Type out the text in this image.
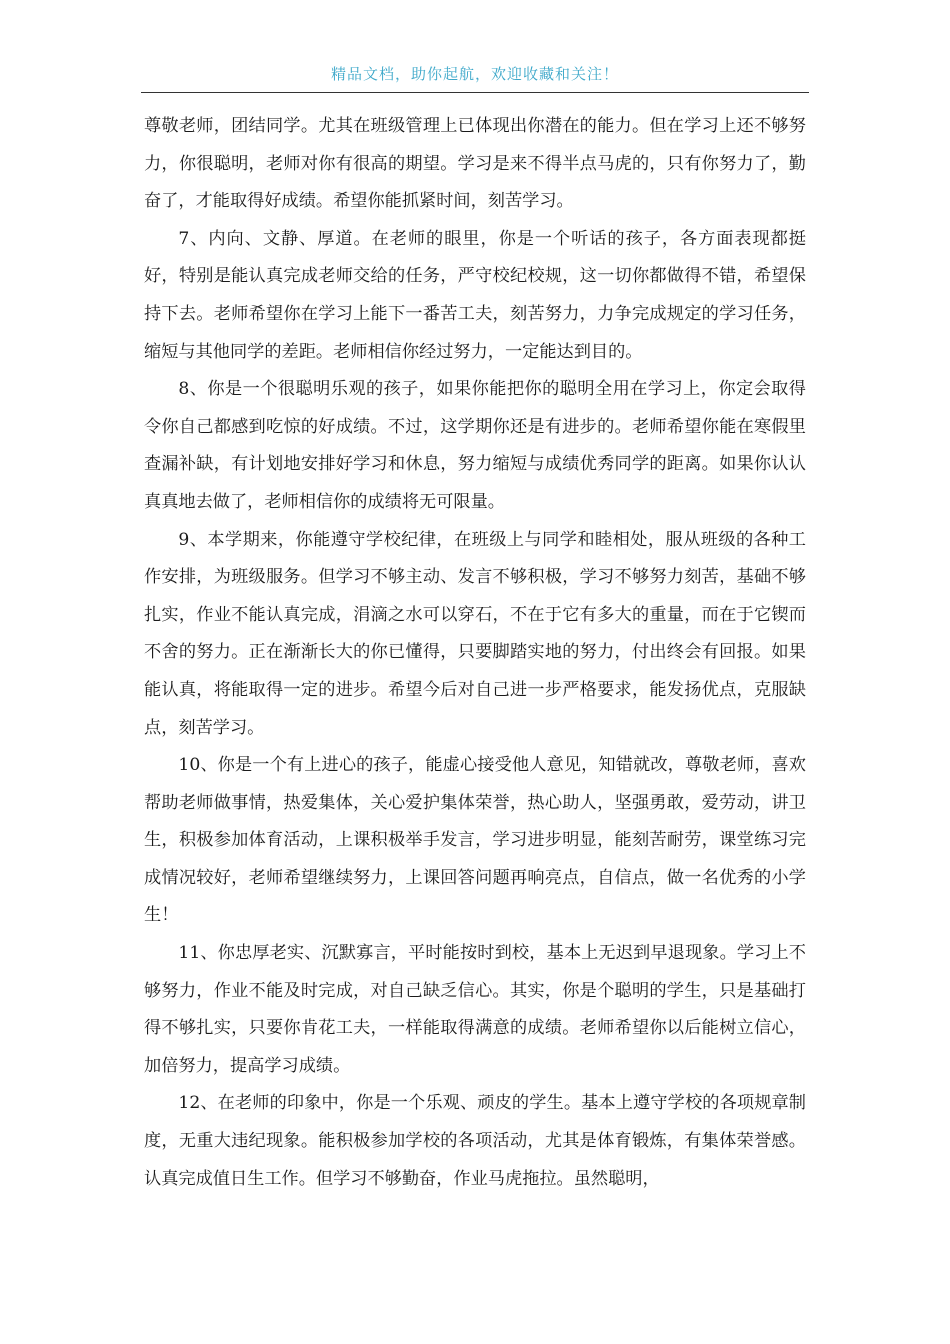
精品文档，助你起航，欢迎收藏和关注！

尊敬老师，团结同学。尤其在班级管理上已体现出你潜在的能力。但在学习上还不够努力，你很聪明，老师对你有很高的期望。学习是来不得半点马虎的，只有你努力了，勤奋了，才能取得好成绩。希望你能抓紧时间，刻苦学习。

7、内向、文静、厚道。在老师的眼里，你是一个听话的孩子，各方面表现都挺好，特别是能认真完成老师交给的任务，严守校纪校规，这一切你都做得不错，希望保持下去。老师希望你在学习上能下一番苦工夫，刻苦努力，力争完成规定的学习任务，缩短与其他同学的差距。老师相信你经过努力，一定能达到目的。

8、你是一个很聪明乐观的孩子，如果你能把你的聪明全用在学习上，你定会取得令你自己都感到吃惊的好成绩。不过，这学期你还是有进步的。老师希望你能在寒假里查漏补缺，有计划地安排好学习和休息，努力缩短与成绩优秀同学的距离。如果你认认真真地去做了，老师相信你的成绩将无可限量。

9、本学期来，你能遵守学校纪律，在班级上与同学和睦相处，服从班级的各种工作安排，为班级服务。但学习不够主动、发言不够积极，学习不够努力刻苦，基础不够扎实，作业不能认真完成，涓滴之水可以穿石，不在于它有多大的重量，而在于它锲而不舍的努力。正在渐渐长大的你已懂得，只要脚踏实地的努力，付出终会有回报。如果能认真，将能取得一定的进步。希望今后对自己进一步严格要求，能发扬优点，克服缺点，刻苦学习。

10、你是一个有上进心的孩子，能虚心接受他人意见，知错就改，尊敬老师，喜欢帮助老师做事情，热爱集体，关心爱护集体荣誉，热心助人，坚强勇敢，爱劳动，讲卫生，积极参加体育活动，上课积极举手发言，学习进步明显，能刻苦耐劳，课堂练习完成情况较好，老师希望继续努力，上课回答问题再响亮点，自信点，做一名优秀的小学生！

11、你忠厚老实、沉默寡言，平时能按时到校，基本上无迟到早退现象。学习上不够努力，作业不能及时完成，对自己缺乏信心。其实，你是个聪明的学生，只是基础打得不够扎实，只要你肯花工夫，一样能取得满意的成绩。老师希望你以后能树立信心，加倍努力，提高学习成绩。

12、在老师的印象中，你是一个乐观、顽皮的学生。基本上遵守学校的各项规章制度，无重大违纪现象。能积极参加学校的各项活动，尤其是体育锻炼，有集体荣誉感。认真完成值日生工作。但学习不够勤奋，作业马虎拖拉。虽然聪明，
